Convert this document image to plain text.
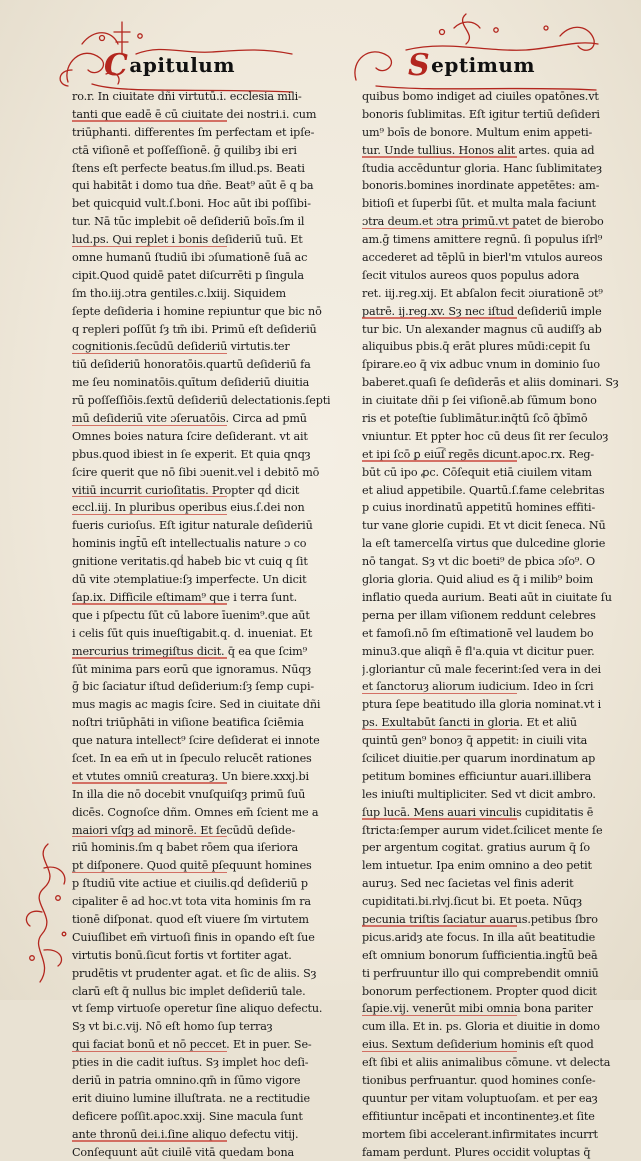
C apitulum	S eptimum
ro.r. In ciuitate dñi virtutū.i. ecclesia mili-
tanti que eadē ē cū ciuitate dei nostri.i. cum
triūphanti. differentes ſm perfectam et ipſe-
ctā viſionē et poſſeſſionē. ḡ quilibȝ ibi eri
ſtens eſt perfecte beatus.ſm illud.ps. Beati
qui habitāt i domo tua dñe. Beat⁹ aūt ē q ba
bet quicquid vult.ſ.boni. Hoc aūt ibi poſſibi-
tur. Nā tūc implebit oē deſideriū boīs.ſm il
lud.ps. Qui replet i bonis deſideriū tuū. Et
omne humanū ſtudiū ibi ɔſumationē ſuā ac
cipit.Quod quidē patet diſcurrēti p ſingula
ſm tho.iij.ɔtra gentiles.c.lxiij. Siquidem
ſepte deſideria i homine repiuntur que bic nō
q repleri poſſūt ſȝ tm̄ ibi. Primū eſt deſideriū
cognitionis.ſecūdū deſideriū virtutis.ter
tiū deſideriū honoratōis.quartū deſideriū fa
me ſeu nominatōis.quītum deſideriū diuitia
rū poſſeſſiōis.ſextū deſideriū delectationis.ſepti
mū deſideriū vite ɔſeruatōis. Circa ad pmū
Omnes boies natura ſcire deſiderant. vt ait
pbus.quod ibiest in ſe experit. Et quia qnqȝ
ſcire querit que nō ſibi ɔuenit.vel i debitō mō
vitiū incurrit curioſitatis. Propter qḋ dicit
eccl.iij. In pluribus operibus eius.ſ.dei non
fueris curioſus. Eſt igitur naturale deſideriū
hominis ingt̄ū eſt intellectualis nature ɔ co
gnitione veritatis.qḋ habeb bic vt cuiq q ſit
dū vite ɔtemplatiue:ſȝ imperfecte. Un dicit
ſap.ix. Difficile eſtimam⁹ que i terra ſunt.
que i pſpectu ſūt cū labore īuenim⁹.que aūt
i celis ſūt quis inueſtigabit.q. d. inueniat. Et
mercurius trimegiſtus dicit. q̄ ea que ſcim⁹
ſūt minima pars eorū que ignoramus. Nūqȝ
ḡ bic ſaciatur iſtud deſiderium:ſȝ ſemp cupi-
mus magis ac magis ſcire. Sed in ciuitate dñi
noſtri triūphāti in viſione beatifica ſciēmia
que natura intellect⁹ ſcire deſiderat ei innote
ſcet. In ea em̄ ut in ſpeculo relucēt rationes
et vtutes omniū creaturaȝ. Un biere.xxxj.bi
In illa die nō docebit vnuſquiſqȝ primū ſuū
dicēs. Cognoſce dñm. Omnes em̄ ſcient me a
maiori vſqȝ ad minorē. Et ſecūdū deſide-
riū hominis.ſm q babet rōem qua iſeriora
pt diſponere. Quod quitē pſequunt homines
p ſtudiū vite actiue et ciuilis.qḋ deſideriū p
cipaliter ē ad hoc.vt tota vita hominis ſm ra
tionē diſponat. quod eſt viuere ſm virtutem
Cuiuſlibet em̄ virtuoſi finis in opando eſt ſue
virtutis bonū.ſicut fortis vt fortiter agat.
prudētis vt prudenter agat. et ſic de aliis. Sȝ
clarū eſt q̄ nullus bic implet deſideriū tale.
vt ſemp virtuoſe operetur ſine aliquo defectu.
Sȝ vt bi.c.vij. Nō eſt homo ſup terraȝ
qui faciat bonū et nō peccet. Et in puer. Se-
pties in die cadit iuſtus. Sȝ implet hoc deſi-
deriū in patria omnino.qm̄ in ſūmo vigore
erit diuino lumine illuſtrata. ne a rectitudie
deficere poſſit.apoc.xxij. Sine macula ſunt
ante thronū dei.i.ſine aliquo defectu vitij.
Conſequunt aūt ciuilē vitā quedam bona
quibus bomo indiget ad ciuiles opatōnes.vt
bonoris ſublimitas. Eſt igitur tertiū deſideri
um⁹ boīs de bonore. Multum enim appeti-
tur. Unde tullius. Honos alit artes. quia ad
ſtudia accēduntur gloria. Hanc ſublimitateȝ
bonoris.bomines inordinate appetētes: am-
bitioſi et ſuperbi ſūt. et multa mala faciunt
ɔtra deum.et ɔtra primū.vt patet de bierobo
am.ḡ timens amittere regnū. ſi populus iſrl⁹
accederet ad tēplū in bierl'm vıtulos aureos
ſecit vitulos aureos quos populus adora
ret. iij.reg.xij. Et abſalon fecit ɔiurationē ɔt⁹
patrē. ij.reg.xv. Sȝ nec iſtud deſideriū imple
tur bic. Un alexander magnus cū audiſſȝ ab
aliquibus pbis.q̄ erāt plures mūdi:cepit ſu
ſpirare.eo q̄ vix adbuc vnum in dominio ſuo
baberet.quaſi ſe deſiderās et aliis dominari. Sȝ
in ciuitate dñi p ſei viſionē.ab ſūmum bono
ris et poteſtie ſublimātur.inq̄tū ſcō q̄bīmō
vniuntur. Et ppter hoc cū deus ſit rer ſeculoȝ
et ipi ſcō ꝑ eiu͡ſ regēs dicunt.apoc.rx. Reg-
būt cū ipo ꝓc. Cōſequit etiā ciuilem vitam
et aliud appetibile. Quartū.ſ.fame celebritas
p cuius inordinatū appetitū homines effiti-
tur vane glorie cupidi. Et vt dicit ſeneca. Nū
la eſt tamercelſa virtus que dulcedine glorie
nō tangat. Sȝ vt dic boeti⁹ de pbica ɔſo⁹. O
gloria gloria. Quid aliud es q̄ i milib⁹ boim
inflatio queda aurium. Beati aūt in ciuitate ſu
perna per illam viſionem reddunt celebres
et famoſi.nō ſm eſtimationē vel laudem bo
minu3.que aliqñ ē fl'a.quia vt dicitur puer.
j.gloriantur cū male fecerint:ſed vera in dei
et ſanctoruȝ aliorum iudicium. Ideo in ſcri
ptura ſepe beatitudo illa gloria nominat.vt i
ps. Exultabūt ſancti in gloria. Et et aliū
quintū gen⁹ bonoȝ q̄ appetit: in ciuili vita
ſcilicet diuitie.per quarum inordinatum ap
petitum bomines efficiuntur auari.illibera
les iniuſti multipliciter. Sed vt dicit ambro.
ſup lucā. Mens auari vinculis cupiditatis ē
ſtricta:ſemper aurum videt.ſcilicet mente ſe
per argentum cogitat. gratius aurum q̄ ſo
lem intuetur. Ipa enim omnino a deo petit
auruȝ. Sed nec ſacietas vel finis aderit
cupiditati.bi.rlvj.ſicut bi. Et poeta. Nūqȝ
pecunia triſtis ſaciatur auarus.petibus ſbro
picus.aridȝ ate focus. In illa aūt beatitudie
eſt omnium bonorum ſufficientia.ingt̄ū beā
ti perfruuntur illo qui comprebendit omniū
bonorum perfectionem. Propter quod dicit
ſapie.vij. venerūt mibi omnia bona pariter
cum illa. Et in. ps. Gloria et diuitie in domo
eius. Sextum deſiderium hominis eſt quod
eſt ſibi et aliis animalibus cōmune. vt delecta
tionibus perfruantur. quod homines conſe-
quuntur per vitam voluptuoſam. et per eaȝ
effitiuntur incēpati et incontinenteȝ.et ſite
mortem ſibi accelerant.infirmitates incurrt
famam perdunt. Plures occidit voluptas q̄
